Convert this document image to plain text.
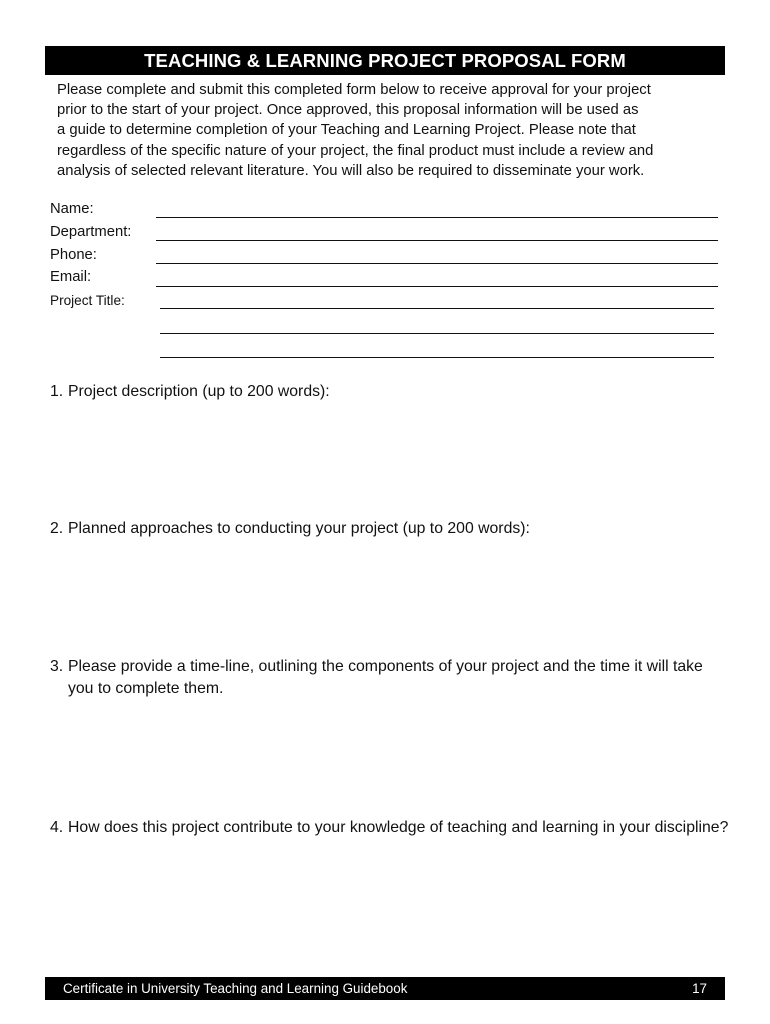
TEACHING & LEARNING PROJECT PROPOSAL FORM
Please complete and submit this completed form below to receive approval for your project
prior to the start of your project. Once approved, this proposal information will be used as
a guide to determine completion of your Teaching and Learning Project. Please note that
regardless of the specific nature of your project, the final product must include a review and
analysis of selected relevant literature. You will also be required to disseminate your work.
Name:
Department:
Phone:
Email:
Project Title:
1. Project description (up to 200 words):
2. Planned approaches to conducting your project (up to 200 words):
3. Please provide a time-line, outlining the components of your project and the time it will take you to complete them.
4. How does this project contribute to your knowledge of teaching and learning in your discipline?
Certificate in University Teaching and Learning Guidebook	17
